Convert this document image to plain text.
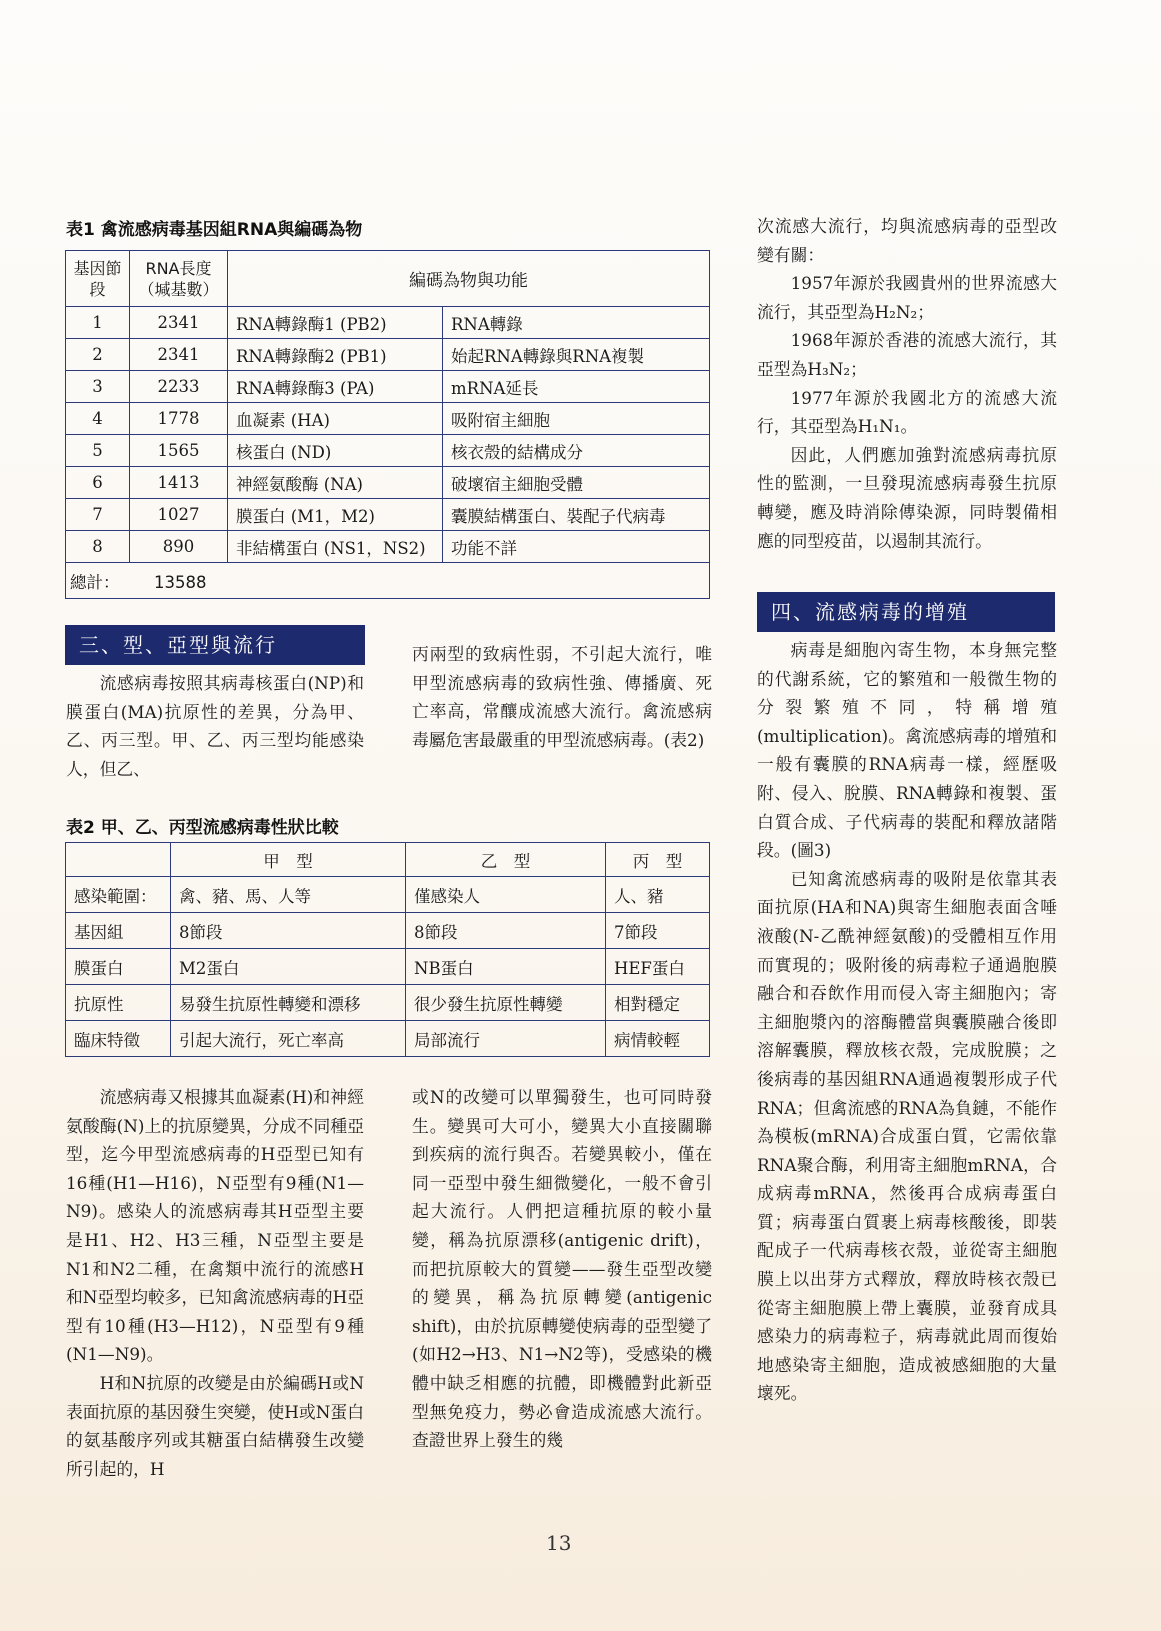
表1 禽流感病毒基因組RNA與編碼為物
基因節段	RNA長度（堿基數）	編碼為物與功能	
1	2341	RNA轉錄酶1 (PB2)	RNA轉錄
2	2341	RNA轉錄酶2 (PB1)	始起RNA轉錄與RNA複製
3	2233	RNA轉錄酶3 (PA)	mRNA延長
4	1778	血凝素 (HA)	吸附宿主細胞
5	1565	核蛋白 (ND)	核衣殼的結構成分
6	1413	神經氨酸酶 (NA)	破壞宿主細胞受體
7	1027	膜蛋白 (M1，M2)	囊膜結構蛋白、裝配子代病毒
8	890	非結構蛋白 (NS1，NS2)	功能不詳
總計： 13588			
三、型、亞型與流行

流感病毒按照其病毒核蛋白(NP)和膜蛋白(MA)抗原性的差異，分為甲、乙、丙三型。甲、乙、丙三型均能感染人，但乙、

丙兩型的致病性弱，不引起大流行，唯甲型流感病毒的致病性強、傳播廣、死亡率高，常釀成流感大流行。禽流感病毒屬危害最嚴重的甲型流感病毒。(表2)

表2 甲、乙、丙型流感病毒性狀比較
	甲　型	乙　型	丙　型
感染範圍：	禽、豬、馬、人等	僅感染人	人、豬
基因組	8節段	8節段	7節段
膜蛋白	M2蛋白	NB蛋白	HEF蛋白
抗原性	易發生抗原性轉變和漂移	很少發生抗原性轉變	相對穩定
臨床特徵	引起大流行，死亡率高	局部流行	病情較輕

流感病毒又根據其血凝素(H)和神經氨酸酶(N)上的抗原變異，分成不同種亞型，迄今甲型流感病毒的H亞型已知有16種(H1—H16)，N亞型有9種(N1—N9)。感染人的流感病毒其H亞型主要是H1、H2、H3三種，N亞型主要是N1和N2二種，在禽類中流行的流感H和N亞型均較多，已知禽流感病毒的H亞型有10種(H3—H12)，N亞型有9種(N1—N9)。

H和N抗原的改變是由於編碼H或N表面抗原的基因發生突變，使H或N蛋白的氨基酸序列或其糖蛋白結構發生改變所引起的，H

或N的改變可以單獨發生，也可同時發生。變異可大可小，變異大小直接關聯到疾病的流行與否。若變異較小，僅在同一亞型中發生細微變化，一般不會引起大流行。人們把這種抗原的較小量變，稱為抗原漂移(antigenic drift)，而把抗原較大的質變——發生亞型改變的變異，稱為抗原轉變(antigenic shift)，由於抗原轉變使病毒的亞型變了(如H2→H3、N1→N2等)，受感染的機體中缺乏相應的抗體，即機體對此新亞型無免疫力，勢必會造成流感大流行。查證世界上發生的幾

次流感大流行，均與流感病毒的亞型改變有關：

1957年源於我國貴州的世界流感大流行，其亞型為H₂N₂；

1968年源於香港的流感大流行，其亞型為H₃N₂；

1977年源於我國北方的流感大流行，其亞型為H₁N₁。

因此，人們應加強對流感病毒抗原性的監測，一旦發現流感病毒發生抗原轉變，應及時消除傳染源，同時製備相應的同型疫苗，以遏制其流行。

四、流感病毒的增殖

病毒是細胞內寄生物，本身無完整的代謝系統，它的繁殖和一般微生物的分裂繁殖不同，特稱增殖(multiplication)。禽流感病毒的增殖和一般有囊膜的RNA病毒一樣，經歷吸附、侵入、脫膜、RNA轉錄和複製、蛋白質合成、子代病毒的裝配和釋放諸階段。(圖3)

已知禽流感病毒的吸附是依靠其表面抗原(HA和NA)與寄生細胞表面含唾液酸(N-乙酰神經氨酸)的受體相互作用而實現的；吸附後的病毒粒子通過胞膜融合和吞飲作用而侵入寄主細胞內；寄主細胞漿內的溶酶體當與囊膜融合後即溶解囊膜，釋放核衣殼，完成脫膜；之後病毒的基因組RNA通過複製形成子代RNA；但禽流感的RNA為負鏈，不能作為模板(mRNA)合成蛋白質，它需依靠RNA聚合酶，利用寄主細胞mRNA，合成病毒mRNA，然後再合成病毒蛋白質；病毒蛋白質裹上病毒核酸後，即裝配成子一代病毒核衣殼，並從寄主細胞膜上以出芽方式釋放，釋放時核衣殼已從寄主細胞膜上帶上囊膜，並發育成具感染力的病毒粒子，病毒就此周而復始地感染寄主細胞，造成被感細胞的大量壞死。

13
